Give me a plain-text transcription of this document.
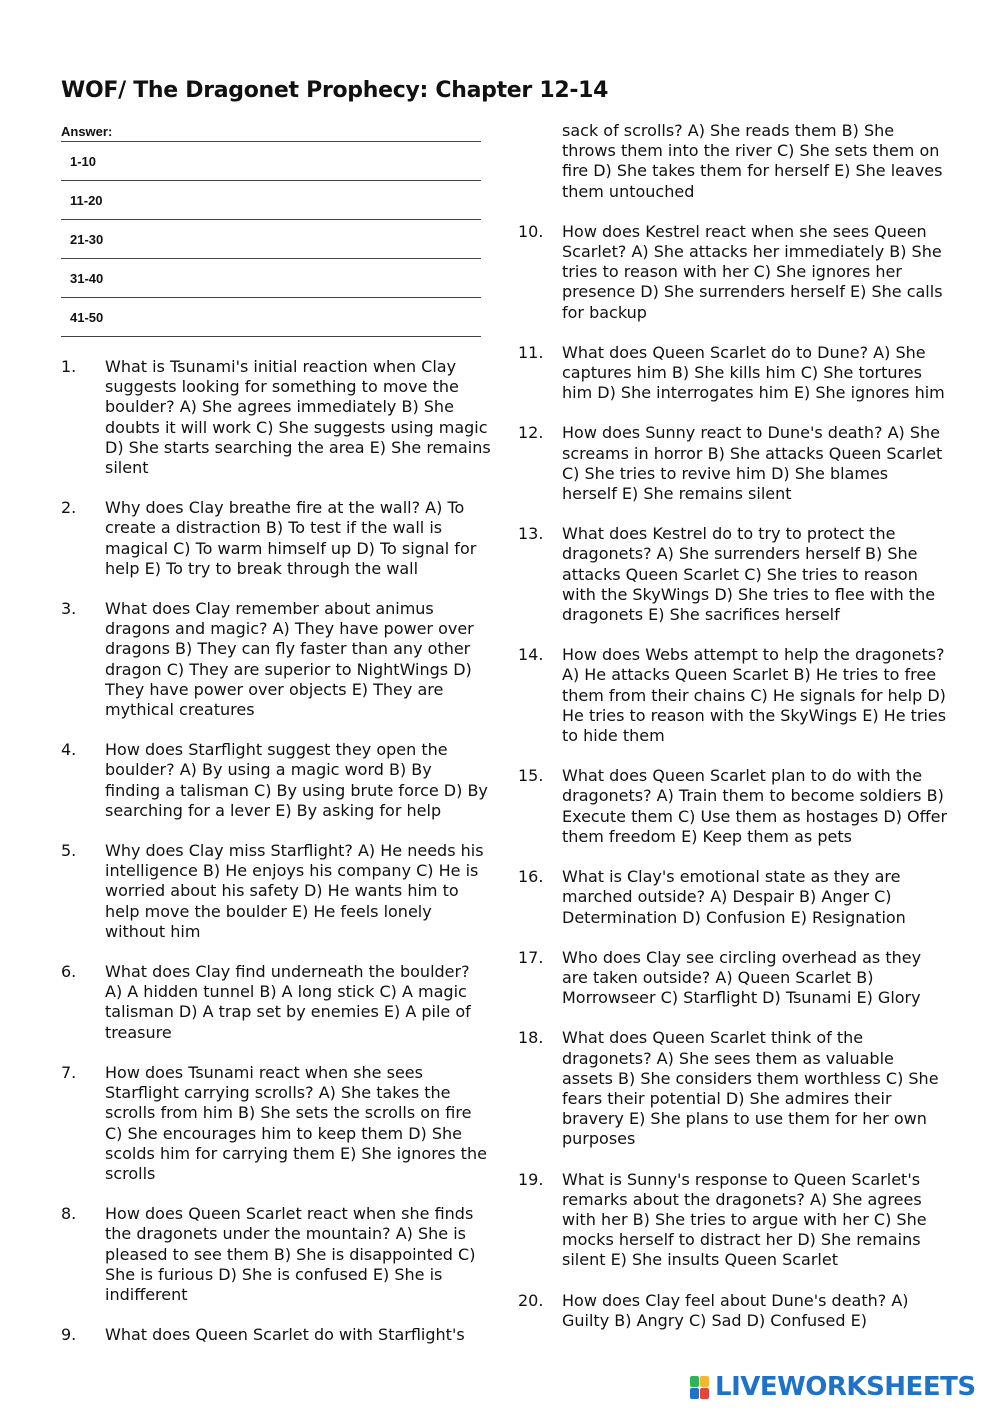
WOF/ The Dragonet Prophecy: Chapter 12-14
Answer:
1-10
11-20
21-30
31-40
41-50
1.	What is Tsunami's initial reaction when Clay suggests looking for something to move the boulder? A) She agrees immediately B) She doubts it will work C) She suggests using magic D) She starts searching the area E) She remains silent
2.	Why does Clay breathe fire at the wall? A) To create a distraction B) To test if the wall is magical C) To warm himself up D) To signal for help E) To try to break through the wall
3.	What does Clay remember about animus dragons and magic? A) They have power over dragons B) They can fly faster than any other dragon C) They are superior to NightWings D) They have power over objects E) They are mythical creatures
4.	How does Starflight suggest they open the boulder? A) By using a magic word B) By finding a talisman C) By using brute force D) By searching for a lever E) By asking for help
5.	Why does Clay miss Starflight? A) He needs his intelligence B) He enjoys his company C) He is worried about his safety D) He wants him to help move the boulder E) He feels lonely without him
6.	What does Clay find underneath the boulder? A) A hidden tunnel B) A long stick C) A magic talisman D) A trap set by enemies E) A pile of treasure
7.	How does Tsunami react when she sees Starflight carrying scrolls? A) She takes the scrolls from him B) She sets the scrolls on fire C) She encourages him to keep them D) She scolds him for carrying them E) She ignores the scrolls
8.	How does Queen Scarlet react when she finds the dragonets under the mountain? A) She is pleased to see them B) She is disappointed C) She is furious D) She is confused E) She is indifferent
9.	What does Queen Scarlet do with Starflight's
sack of scrolls? A) She reads them B) She throws them into the river C) She sets them on fire D) She takes them for herself E) She leaves them untouched
10.	How does Kestrel react when she sees Queen Scarlet? A) She attacks her immediately B) She tries to reason with her C) She ignores her presence D) She surrenders herself E) She calls for backup
11.	What does Queen Scarlet do to Dune? A) She captures him B) She kills him C) She tortures him D) She interrogates him E) She ignores him
12.	How does Sunny react to Dune's death? A) She screams in horror B) She attacks Queen Scarlet C) She tries to revive him D) She blames herself E) She remains silent
13.	What does Kestrel do to try to protect the dragonets? A) She surrenders herself B) She attacks Queen Scarlet C) She tries to reason with the SkyWings D) She tries to flee with the dragonets E) She sacrifices herself
14.	How does Webs attempt to help the dragonets? A) He attacks Queen Scarlet B) He tries to free them from their chains C) He signals for help D) He tries to reason with the SkyWings E) He tries to hide them
15.	What does Queen Scarlet plan to do with the dragonets? A) Train them to become soldiers B) Execute them C) Use them as hostages D) Offer them freedom E) Keep them as pets
16.	What is Clay's emotional state as they are marched outside? A) Despair B) Anger C) Determination D) Confusion E) Resignation
17.	Who does Clay see circling overhead as they are taken outside? A) Queen Scarlet B) Morrowseer C) Starflight D) Tsunami E) Glory
18.	What does Queen Scarlet think of the dragonets? A) She sees them as valuable assets B) She considers them worthless C) She fears their potential D) She admires their bravery E) She plans to use them for her own purposes
19.	What is Sunny's response to Queen Scarlet's remarks about the dragonets? A) She agrees with her B) She tries to argue with her C) She mocks herself to distract her D) She remains silent E) She insults Queen Scarlet
20.	How does Clay feel about Dune's death? A) Guilty B) Angry C) Sad D) Confused E)
LIVEWORKSHEETS
